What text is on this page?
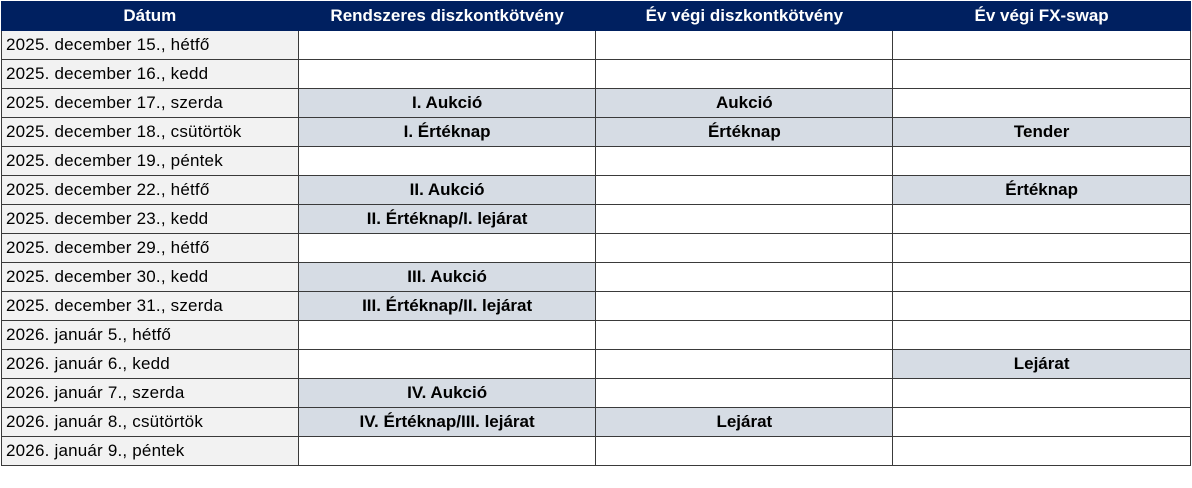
Dátum	Rendszeres diszkontkötvény	Év végi diszkontkötvény	Év végi FX-swap
2025. december 15., hétfő			
2025. december 16., kedd			
2025. december 17., szerda	I. Aukció	Aukció	
2025. december 18., csütörtök	I. Értéknap	Értéknap	Tender
2025. december 19., péntek			
2025. december 22., hétfő	II. Aukció		Értéknap
2025. december 23., kedd	II. Értéknap/I. lejárat		
2025. december 29., hétfő			
2025. december 30., kedd	III. Aukció		
2025. december 31., szerda	III. Értéknap/II. lejárat		
2026. január 5., hétfő			
2026. január 6., kedd			Lejárat
2026. január 7., szerda	IV. Aukció		
2026. január 8., csütörtök	IV. Értéknap/III. lejárat	Lejárat	
2026. január 9., péntek			
